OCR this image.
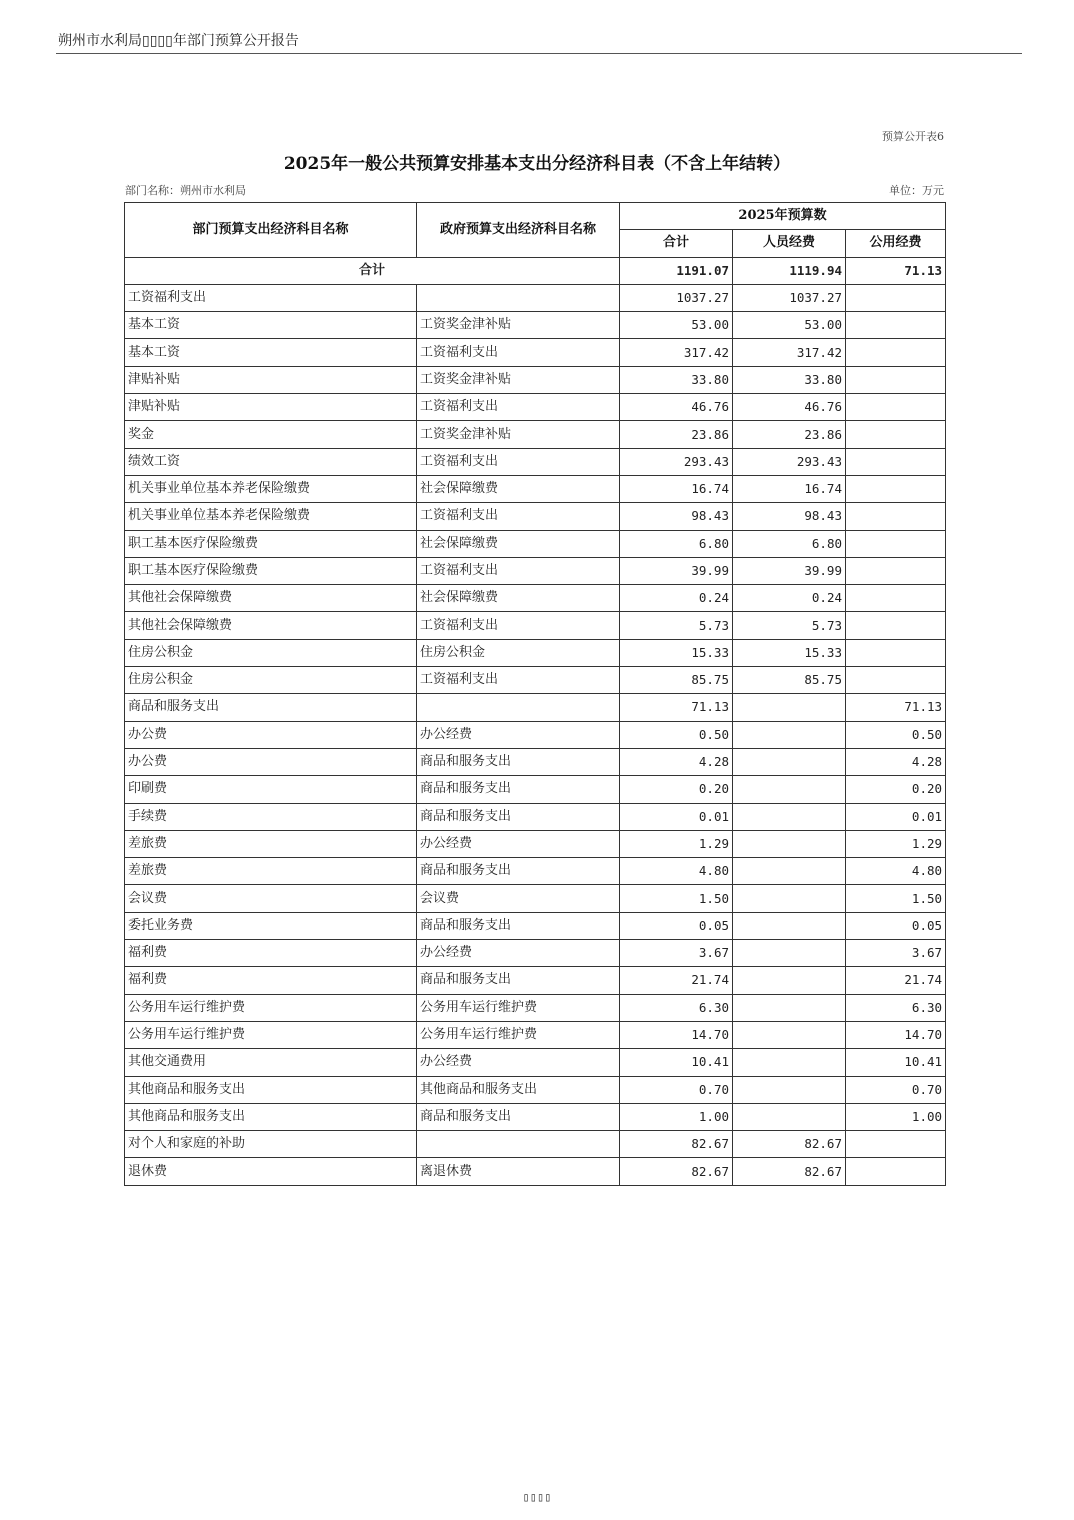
朔州市水利局▯▯▯▯年部门预算公开报告
预算公开表6
2025年一般公共预算安排基本支出分经济科目表（不含上年结转）
部门名称：朔州市水利局	单位：万元
部门预算支出经济科目名称	政府预算支出经济科目名称	2025年预算数		
		合计	人员经费	公用经费
合计		1191.07	1119.94	71.13
工资福利支出		1037.27	1037.27	
基本工资	工资奖金津补贴	53.00	53.00	
基本工资	工资福利支出	317.42	317.42	
津贴补贴	工资奖金津补贴	33.80	33.80	
津贴补贴	工资福利支出	46.76	46.76	
奖金	工资奖金津补贴	23.86	23.86	
绩效工资	工资福利支出	293.43	293.43	
机关事业单位基本养老保险缴费	社会保障缴费	16.74	16.74	
机关事业单位基本养老保险缴费	工资福利支出	98.43	98.43	
职工基本医疗保险缴费	社会保障缴费	6.80	6.80	
职工基本医疗保险缴费	工资福利支出	39.99	39.99	
其他社会保障缴费	社会保障缴费	0.24	0.24	
其他社会保障缴费	工资福利支出	5.73	5.73	
住房公积金	住房公积金	15.33	15.33	
住房公积金	工资福利支出	85.75	85.75	
商品和服务支出		71.13		71.13
办公费	办公经费	0.50		0.50
办公费	商品和服务支出	4.28		4.28
印刷费	商品和服务支出	0.20		0.20
手续费	商品和服务支出	0.01		0.01
差旅费	办公经费	1.29		1.29
差旅费	商品和服务支出	4.80		4.80
会议费	会议费	1.50		1.50
委托业务费	商品和服务支出	0.05		0.05
福利费	办公经费	3.67		3.67
福利费	商品和服务支出	21.74		21.74
公务用车运行维护费	公务用车运行维护费	6.30		6.30
公务用车运行维护费	公务用车运行维护费	14.70		14.70
其他交通费用	办公经费	10.41		10.41
其他商品和服务支出	其他商品和服务支出	0.70		0.70
其他商品和服务支出	商品和服务支出	1.00		1.00
对个人和家庭的补助		82.67	82.67	
退休费	离退休费	82.67	82.67	
▯▯▯▯
